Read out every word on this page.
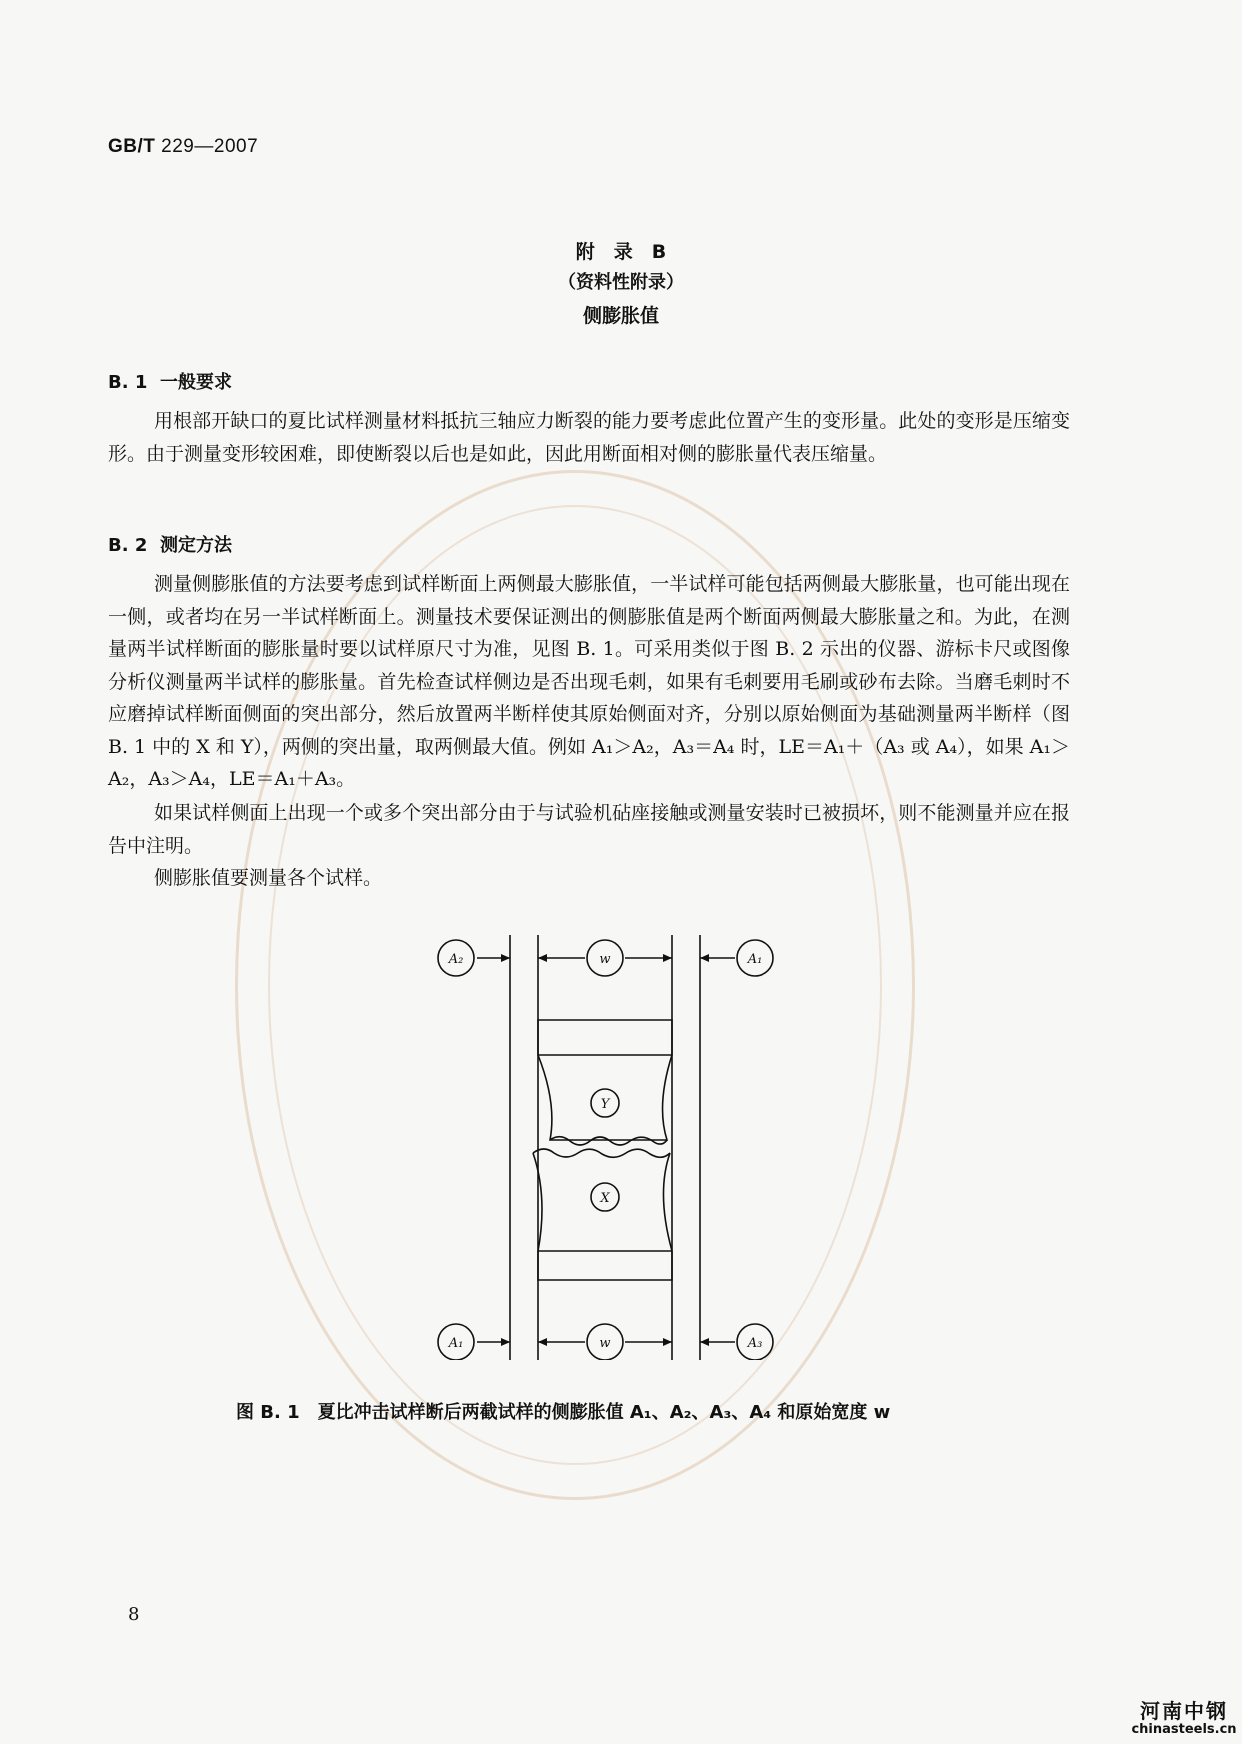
GB/T 229—2007
附　录　B
（资料性附录）
侧膨胀值
B. 1 一般要求
用根部开缺口的夏比试样测量材料抵抗三轴应力断裂的能力要考虑此位置产生的变形量。此处的变形是压缩变形。由于测量变形较困难，即使断裂以后也是如此，因此用断面相对侧的膨胀量代表压缩量。
B. 2 测定方法
测量侧膨胀值的方法要考虑到试样断面上两侧最大膨胀值，一半试样可能包括两侧最大膨胀量，也可能出现在一侧，或者均在另一半试样断面上。测量技术要保证测出的侧膨胀值是两个断面两侧最大膨胀量之和。为此，在测量两半试样断面的膨胀量时要以试样原尺寸为准，见图 B. 1。可采用类似于图 B. 2 示出的仪器、游标卡尺或图像分析仪测量两半试样的膨胀量。首先检查试样侧边是否出现毛刺，如果有毛刺要用毛刷或砂布去除。当磨毛刺时不应磨掉试样断面侧面的突出部分，然后放置两半断样使其原始侧面对齐，分别以原始侧面为基础测量两半断样（图 B. 1 中的 X 和 Y），两侧的突出量，取两侧最大值。例如 A₁＞A₂，A₃＝A₄ 时，LE＝A₁＋（A₃ 或 A₄），如果 A₁＞A₂，A₃＞A₄，LE＝A₁＋A₃。
如果试样侧面上出现一个或多个突出部分由于与试验机砧座接触或测量安装时已被损坏，则不能测量并应在报告中注明。
侧膨胀值要测量各个试样。
A₂	w	A₁
Y
X
A₁	w	A₃
图 B. 1　夏比冲击试样断后两截试样的侧膨胀值 A₁、A₂、A₃、A₄ 和原始宽度 w
8
河南中钢
chinasteels.cn
